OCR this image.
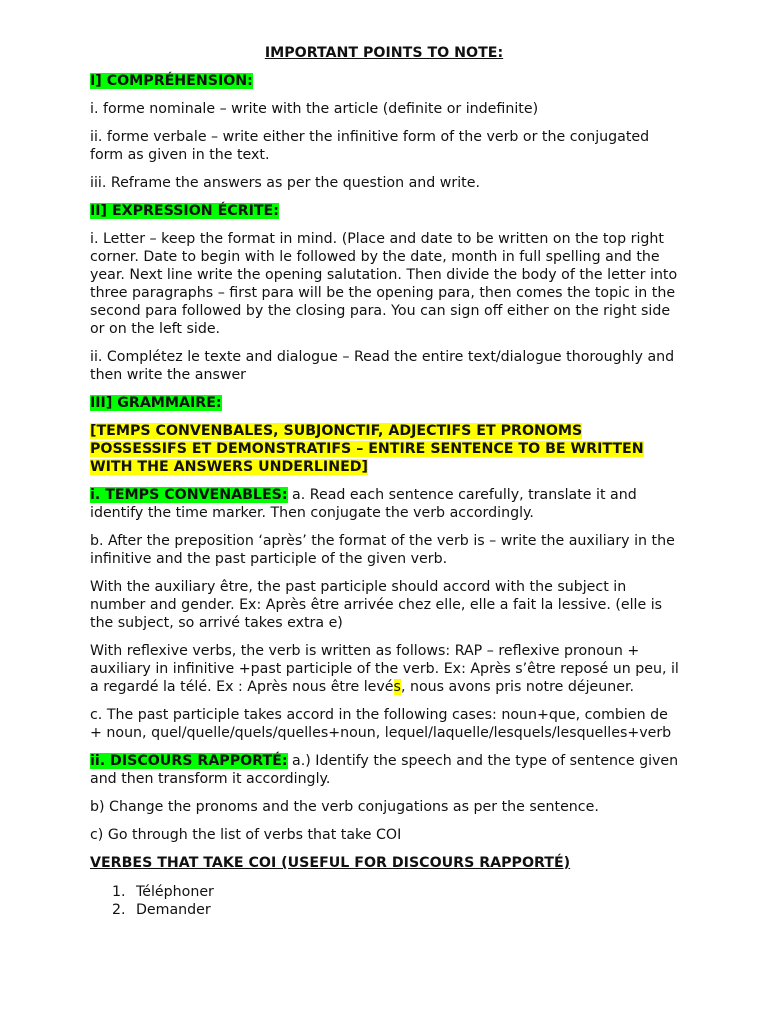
IMPORTANT POINTS TO NOTE:

I] COMPRÉHENSION:

i. forme nominale – write with the article (definite or indefinite)

ii. forme verbale – write either the infinitive form of the verb or the conjugated form as given in the text.

iii. Reframe the answers as per the question and write.

II] EXPRESSION ÉCRITE:

i. Letter – keep the format in mind. (Place and date to be written on the top right corner. Date to begin with le followed by the date, month in full spelling and the year. Next line write the opening salutation. Then divide the body of the letter into three paragraphs – first para will be the opening para, then comes the topic in the second para followed by the closing para. You can sign off either on the right side or on the left side.

ii. Complétez le texte and dialogue – Read the entire text/dialogue thoroughly and then write the answer

III] GRAMMAIRE:

[TEMPS CONVENBALES, SUBJONCTIF, ADJECTIFS ET PRONOMS POSSESSIFS ET DEMONSTRATIFS – ENTIRE SENTENCE TO BE WRITTEN WITH THE ANSWERS UNDERLINED]

i. TEMPS CONVENABLES: a. Read each sentence carefully, translate it and identify the time marker. Then conjugate the verb accordingly.

b. After the preposition ‘après’ the format of the verb is – write the auxiliary in the infinitive and the past participle of the given verb.

With the auxiliary être, the past participle should accord with the subject in number and gender. Ex: Après être arrivée chez elle, elle a fait la lessive. (elle is the subject, so arrivé takes extra e)

With reflexive verbs, the verb is written as follows: RAP – reflexive pronoun + auxiliary in infinitive +past participle of the verb. Ex: Après s’être reposé un peu, il a regardé la télé. Ex : Après nous être levés, nous avons pris notre déjeuner.

c. The past participle takes accord in the following cases: noun+que, combien de + noun, quel/quelle/quels/quelles+noun, lequel/laquelle/lesquels/lesquelles+verb

ii. DISCOURS RAPPORTÉ: a.) Identify the speech and the type of sentence given and then transform it accordingly.

b) Change the pronoms and the verb conjugations as per the sentence.

c) Go through the list of verbs that take COI

VERBES THAT TAKE COI (USEFUL FOR DISCOURS RAPPORTÉ)

1. Téléphoner
2. Demander
